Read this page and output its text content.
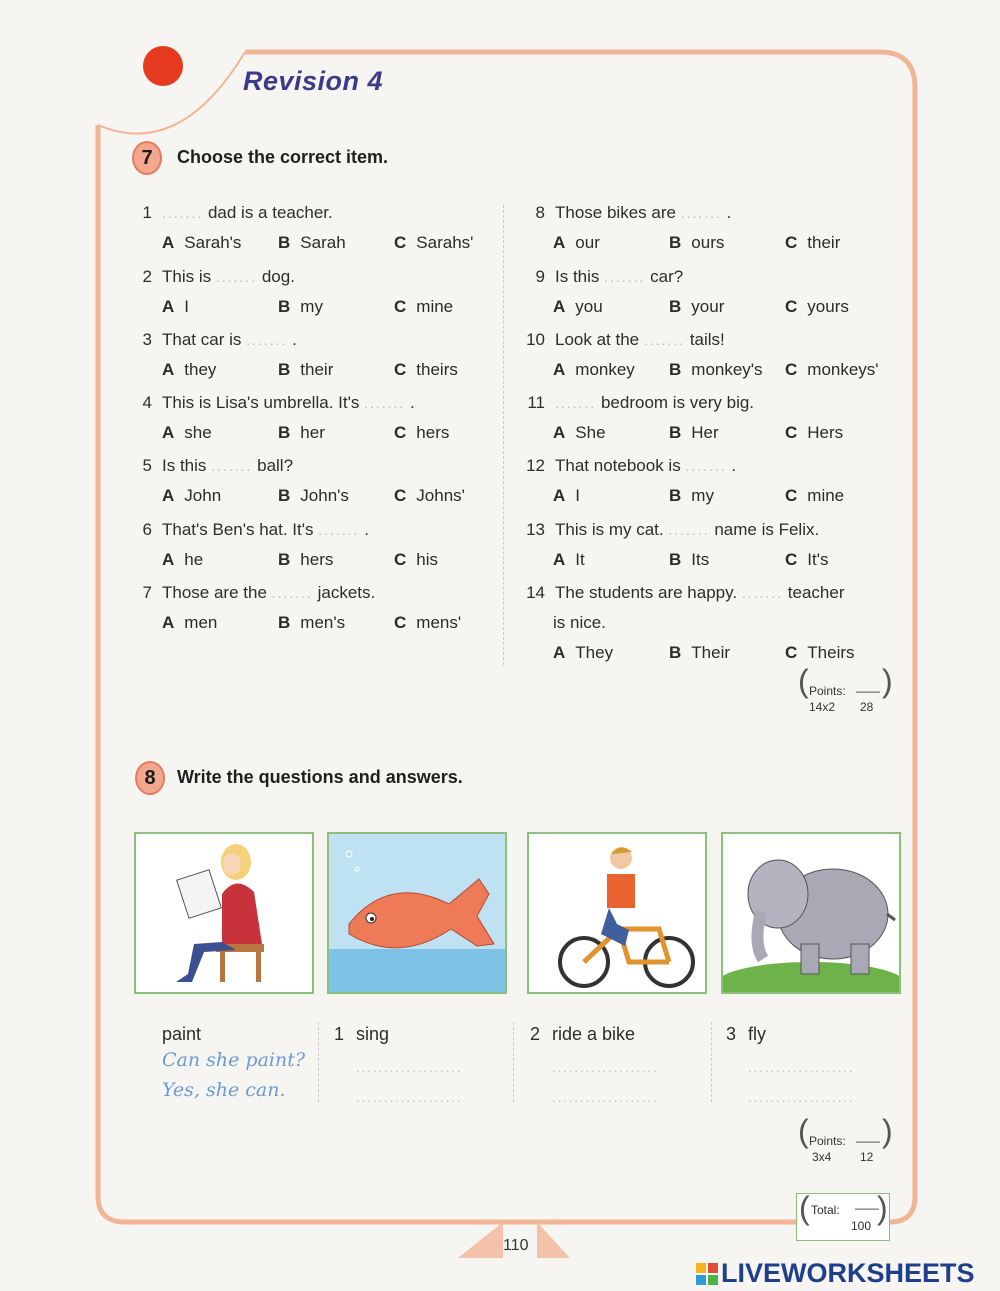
Revision 4
7	Choose the correct item.
1 ....... dad is a teacher.
A Sarah's B Sarah	C Sarahs'
2 This is ....... dog.
A I	B my	C mine
3 That car is ....... .
A they	B their	C theirs
4 This is Lisa's umbrella. It's ....... .
A she	B her	C hers
5 Is this ....... ball?
A John	B John's	C Johns'
6 That's Ben's hat. It's ....... .
A he	B hers	C his
7 Those are the ....... jackets.
A men	B men's	C mens'
8 Those bikes are ....... .
A our	B ours	C their
9 Is this ....... car?
A you	B your	C yours
10 Look at the ....... tails!
A monkey B monkey's C monkeys'
11 ....... bedroom is very big.
A She	B Her	C Hers
12 That notebook is ....... .
A I	B my	C mine
13 This is my cat. ....... name is Felix.
A It	B Its	C It's
14 The students are happy. ....... teacher
is nice.
A They	B Their	C Theirs
( Points: ——
14x2 28
)
8	Write the questions and answers.
paint
Can she paint?
Yes, she can.
1 sing
...................
...................
2 ride a bike
...................
...................
3 fly
...................
...................
( Points: ——
3x4 12
)
( Total: ——
100 )
110
LIVEWORKSHEETS
